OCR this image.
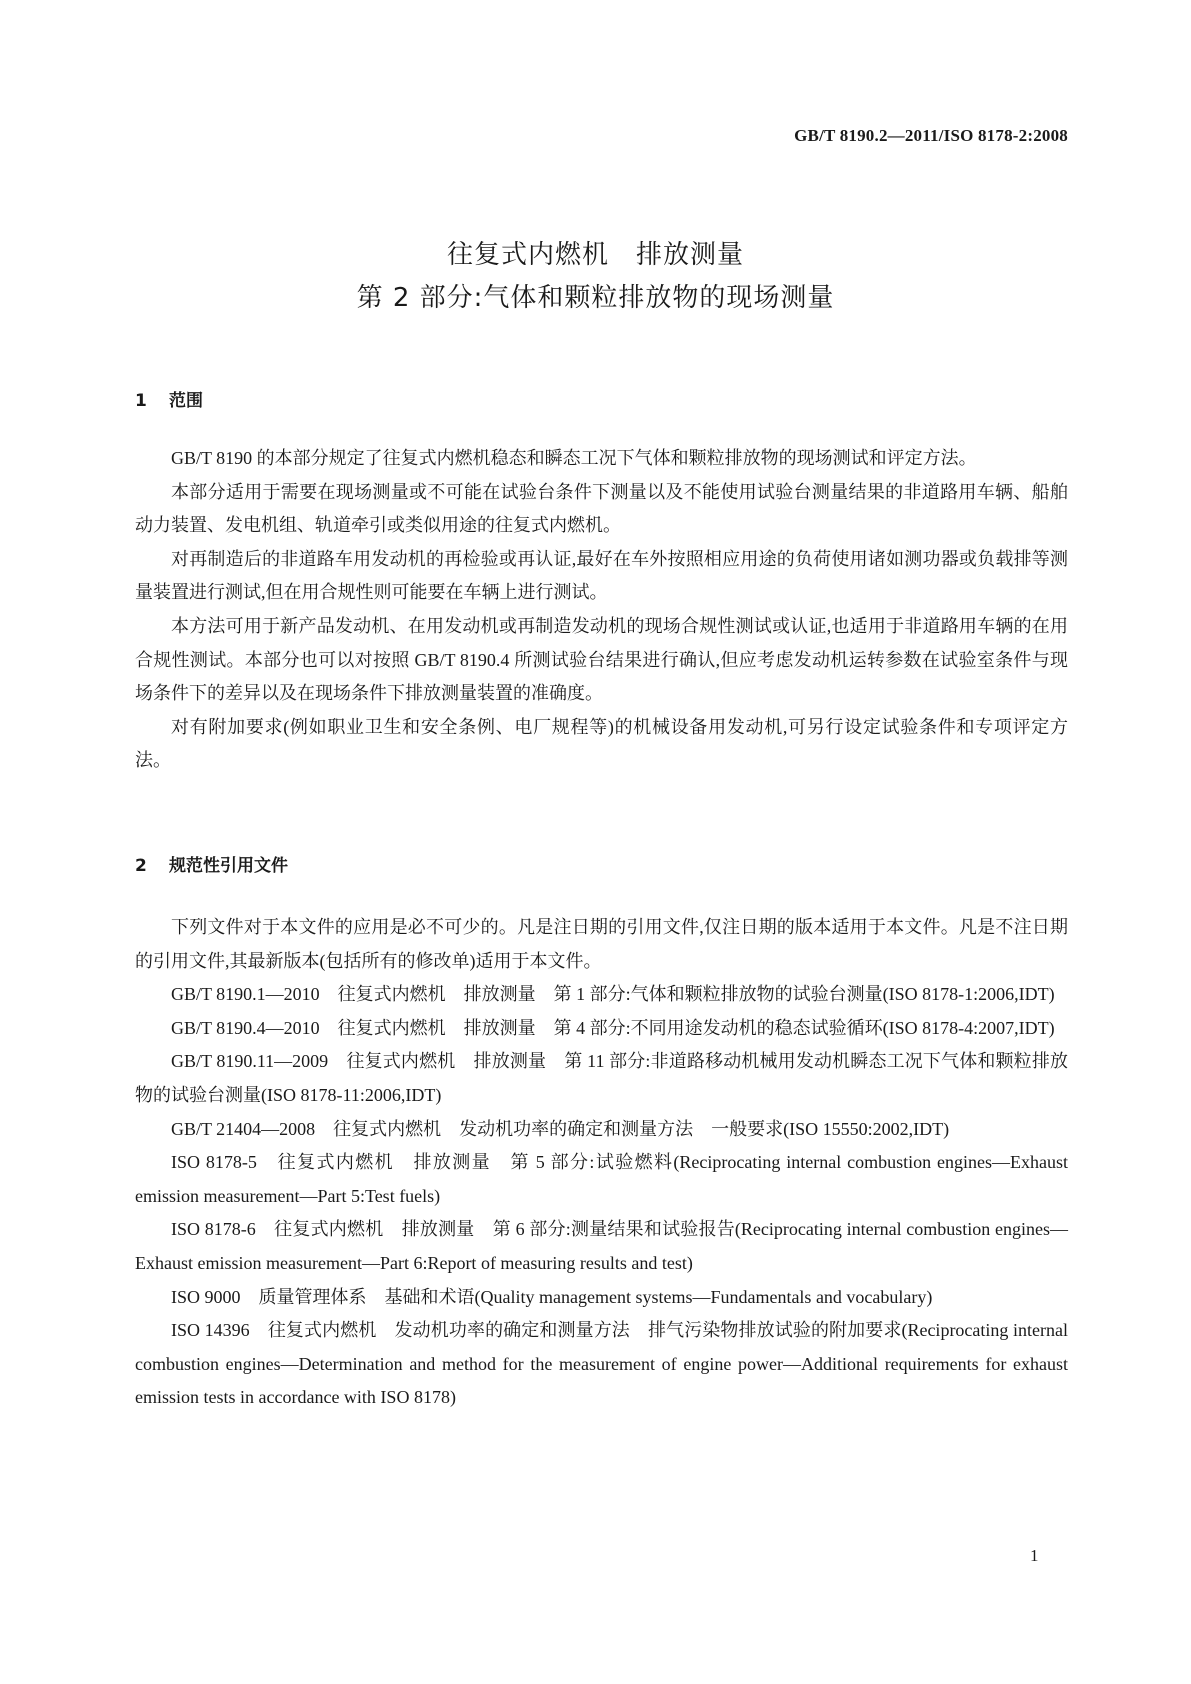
GB/T 8190.2—2011/ISO 8178-2:2008
往复式内燃机　排放测量
第 2 部分:气体和颗粒排放物的现场测量
1 范围

GB/T 8190 的本部分规定了往复式内燃机稳态和瞬态工况下气体和颗粒排放物的现场测试和评定方法。

本部分适用于需要在现场测量或不可能在试验台条件下测量以及不能使用试验台测量结果的非道路用车辆、船舶动力装置、发电机组、轨道牵引或类似用途的往复式内燃机。

对再制造后的非道路车用发动机的再检验或再认证,最好在车外按照相应用途的负荷使用诸如测功器或负载排等测量装置进行测试,但在用合规性则可能要在车辆上进行测试。

本方法可用于新产品发动机、在用发动机或再制造发动机的现场合规性测试或认证,也适用于非道路用车辆的在用合规性测试。本部分也可以对按照 GB/T 8190.4 所测试验台结果进行确认,但应考虑发动机运转参数在试验室条件与现场条件下的差异以及在现场条件下排放测量装置的准确度。

对有附加要求(例如职业卫生和安全条例、电厂规程等)的机械设备用发动机,可另行设定试验条件和专项评定方法。

2 规范性引用文件

下列文件对于本文件的应用是必不可少的。凡是注日期的引用文件,仅注日期的版本适用于本文件。凡是不注日期的引用文件,其最新版本(包括所有的修改单)适用于本文件。

GB/T 8190.1—2010　往复式内燃机　排放测量　第 1 部分:气体和颗粒排放物的试验台测量(ISO 8178-1:2006,IDT)

GB/T 8190.4—2010　往复式内燃机　排放测量　第 4 部分:不同用途发动机的稳态试验循环(ISO 8178-4:2007,IDT)

GB/T 8190.11—2009　往复式内燃机　排放测量　第 11 部分:非道路移动机械用发动机瞬态工况下气体和颗粒排放物的试验台测量(ISO 8178-11:2006,IDT)

GB/T 21404—2008　往复式内燃机　发动机功率的确定和测量方法　一般要求(ISO 15550:2002,IDT)

ISO 8178-5　往复式内燃机　排放测量　第 5 部分:试验燃料(Reciprocating internal combustion engines—Exhaust emission measurement—Part 5:Test fuels)

ISO 8178-6　往复式内燃机　排放测量　第 6 部分:测量结果和试验报告(Reciprocating internal combustion engines—Exhaust emission measurement—Part 6:Report of measuring results and test)

ISO 9000　质量管理体系　基础和术语(Quality management systems—Fundamentals and vocabulary)

ISO 14396　往复式内燃机　发动机功率的确定和测量方法　排气污染物排放试验的附加要求(Reciprocating internal combustion engines—Determination and method for the measurement of engine power—Additional requirements for exhaust emission tests in accordance with ISO 8178)

1
